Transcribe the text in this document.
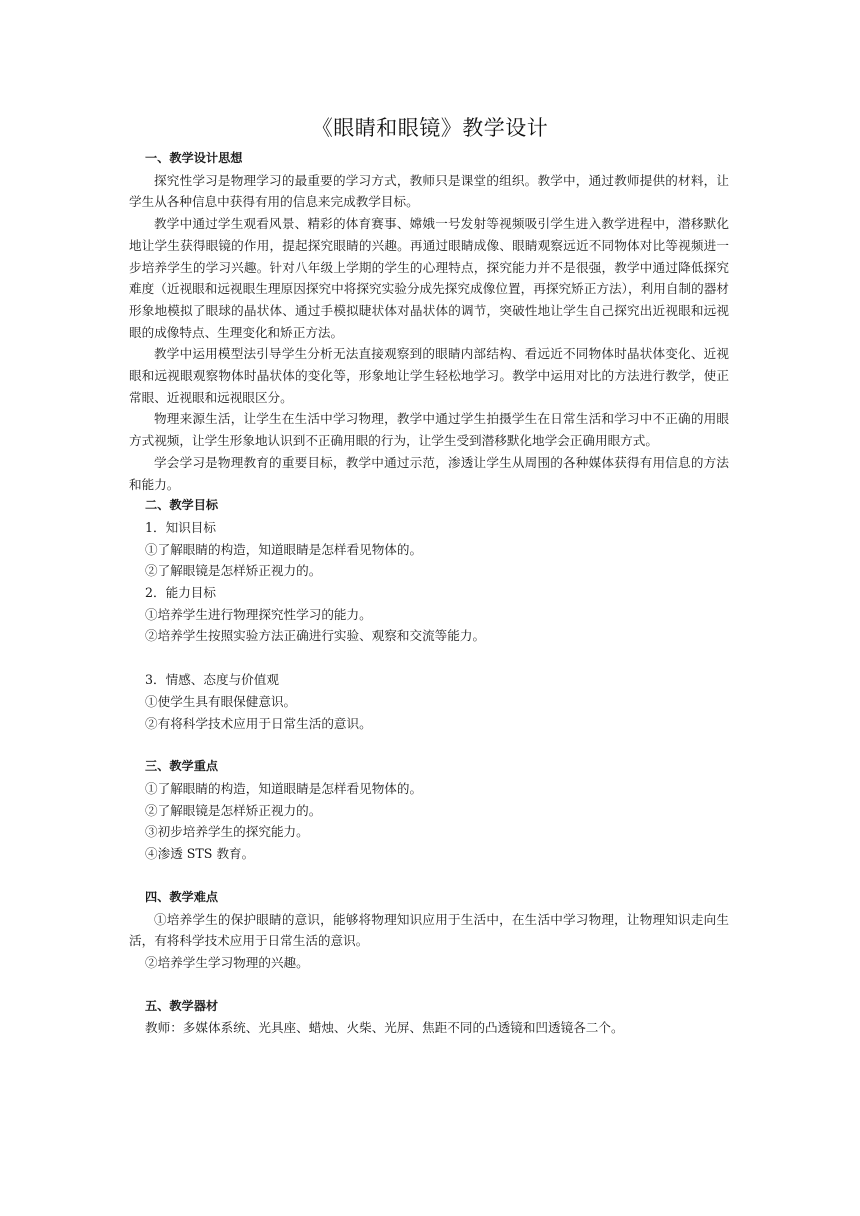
《眼睛和眼镜》教学设计

一、教学设计思想

探究性学习是物理学习的最重要的学习方式，教师只是课堂的组织。教学中，通过教师提供的材料，让学生从各种信息中获得有用的信息来完成教学目标。

教学中通过学生观看风景、精彩的体育赛事、嫦娥一号发射等视频吸引学生进入教学进程中，潜移默化地让学生获得眼镜的作用，提起探究眼睛的兴趣。再通过眼睛成像、眼睛观察远近不同物体对比等视频进一步培养学生的学习兴趣。针对八年级上学期的学生的心理特点，探究能力并不是很强，教学中通过降低探究难度（近视眼和远视眼生理原因探究中将探究实验分成先探究成像位置，再探究矫正方法），利用自制的器材形象地模拟了眼球的晶状体、通过手模拟睫状体对晶状体的调节，突破性地让学生自己探究出近视眼和远视眼的成像特点、生理变化和矫正方法。

教学中运用模型法引导学生分析无法直接观察到的眼睛内部结构、看远近不同物体时晶状体变化、近视眼和远视眼观察物体时晶状体的变化等，形象地让学生轻松地学习。教学中运用对比的方法进行教学，使正常眼、近视眼和远视眼区分。

物理来源生活，让学生在生活中学习物理，教学中通过学生拍摄学生在日常生活和学习中不正确的用眼方式视频，让学生形象地认识到不正确用眼的行为，让学生受到潜移默化地学会正确用眼方式。

学会学习是物理教育的重要目标，教学中通过示范，渗透让学生从周围的各种媒体获得有用信息的方法和能力。

二、教学目标

1．知识目标

①了解眼睛的构造，知道眼睛是怎样看见物体的。

②了解眼镜是怎样矫正视力的。

2．能力目标

①培养学生进行物理探究性学习的能力。

②培养学生按照实验方法正确进行实验、观察和交流等能力。

3．情感、态度与价值观

①使学生具有眼保健意识。

②有将科学技术应用于日常生活的意识。

三、教学重点

①了解眼睛的构造，知道眼睛是怎样看见物体的。

②了解眼镜是怎样矫正视力的。

③初步培养学生的探究能力。

④渗透 STS 教育。

四、教学难点

①培养学生的保护眼睛的意识，能够将物理知识应用于生活中，在生活中学习物理，让物理知识走向生活，有将科学技术应用于日常生活的意识。

②培养学生学习物理的兴趣。

五、教学器材

教师：多媒体系统、光具座、蜡烛、火柴、光屏、焦距不同的凸透镜和凹透镜各二个。
